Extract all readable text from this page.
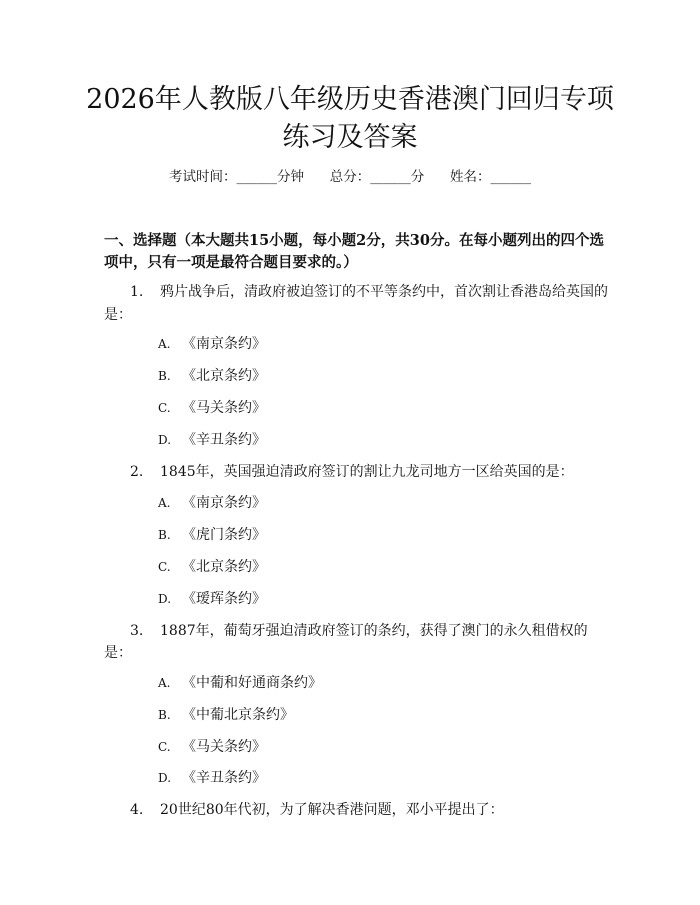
2026年人教版八年级历史香港澳门回归专项
练习及答案
考试时间：______分钟      总分：______分      姓名：______
一、选择题（本大题共15小题，每小题2分，共30分。在每小题列出的四个选
项中，只有一项是最符合题目要求的。）
1.	鸦片战争后，清政府被迫签订的不平等条约中，首次割让香港岛给英国的
是：
A. 《南京条约》
B. 《北京条约》
C. 《马关条约》
D. 《辛丑条约》
2.	1845年，英国强迫清政府签订的割让九龙司地方一区给英国的是：
A. 《南京条约》
B. 《虎门条约》
C. 《北京条约》
D. 《瑷珲条约》
3.	1887年，葡萄牙强迫清政府签订的条约，获得了澳门的永久租借权的
是：
A. 《中葡和好通商条约》
B. 《中葡北京条约》
C. 《马关条约》
D. 《辛丑条约》
4.	20世纪80年代初，为了解决香港问题，邓小平提出了：
